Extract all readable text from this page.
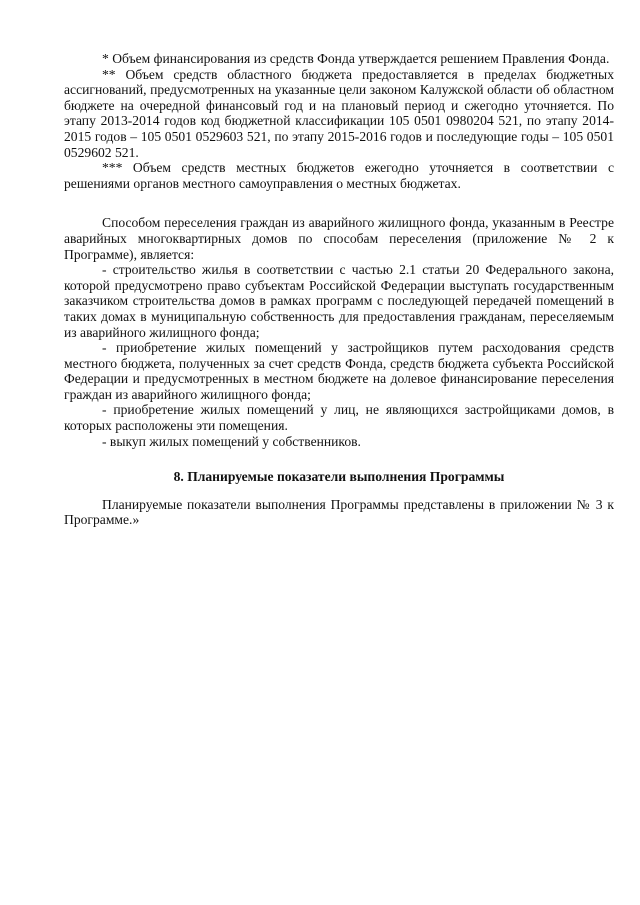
* Объем финансирования из средств Фонда утверждается решением Правления Фонда.

** Объем средств областного бюджета предоставляется в пределах бюджетных ассигнований, предусмотренных на указанные цели законом Калужской области об областном бюджете на очередной финансовый год и на плановый период и сжегодно уточняется. По этапу 2013-2014 годов код бюджетной классификации 105 0501 0980204 521, по этапу 2014-2015 годов – 105 0501 0529603 521, по этапу 2015-2016 годов и последующие годы – 105 0501 0529602 521.

*** Объем средств местных бюджетов ежегодно уточняется в соответствии с решениями органов местного самоуправления о местных бюджетах.

Способом переселения граждан из аварийного жилищного фонда, указанным в Реестре аварийных многоквартирных домов по способам переселения (приложение № 2 к Программе), является:

- строительство жилья в соответствии с частью 2.1 статьи 20 Федерального закона, которой предусмотрено право субъектам Российской Федерации выступать государственным заказчиком строительства домов в рамках программ с последующей передачей помещений в таких домах в муниципальную собственность для предоставления гражданам, переселяемым из аварийного жилищного фонда;

- приобретение жилых помещений у застройщиков путем расходования средств местного бюджета, полученных за счет средств Фонда, средств бюджета субъекта Российской Федерации и предусмотренных в местном бюджете на долевое финансирование переселения граждан из аварийного жилищного фонда;

- приобретение жилых помещений у лиц, не являющихся застройщиками домов, в которых расположены эти помещения.

- выкуп жилых помещений у собственников.

8. Планируемые показатели выполнения Программы

Планируемые показатели выполнения Программы представлены в приложении № 3 к Программе.»
